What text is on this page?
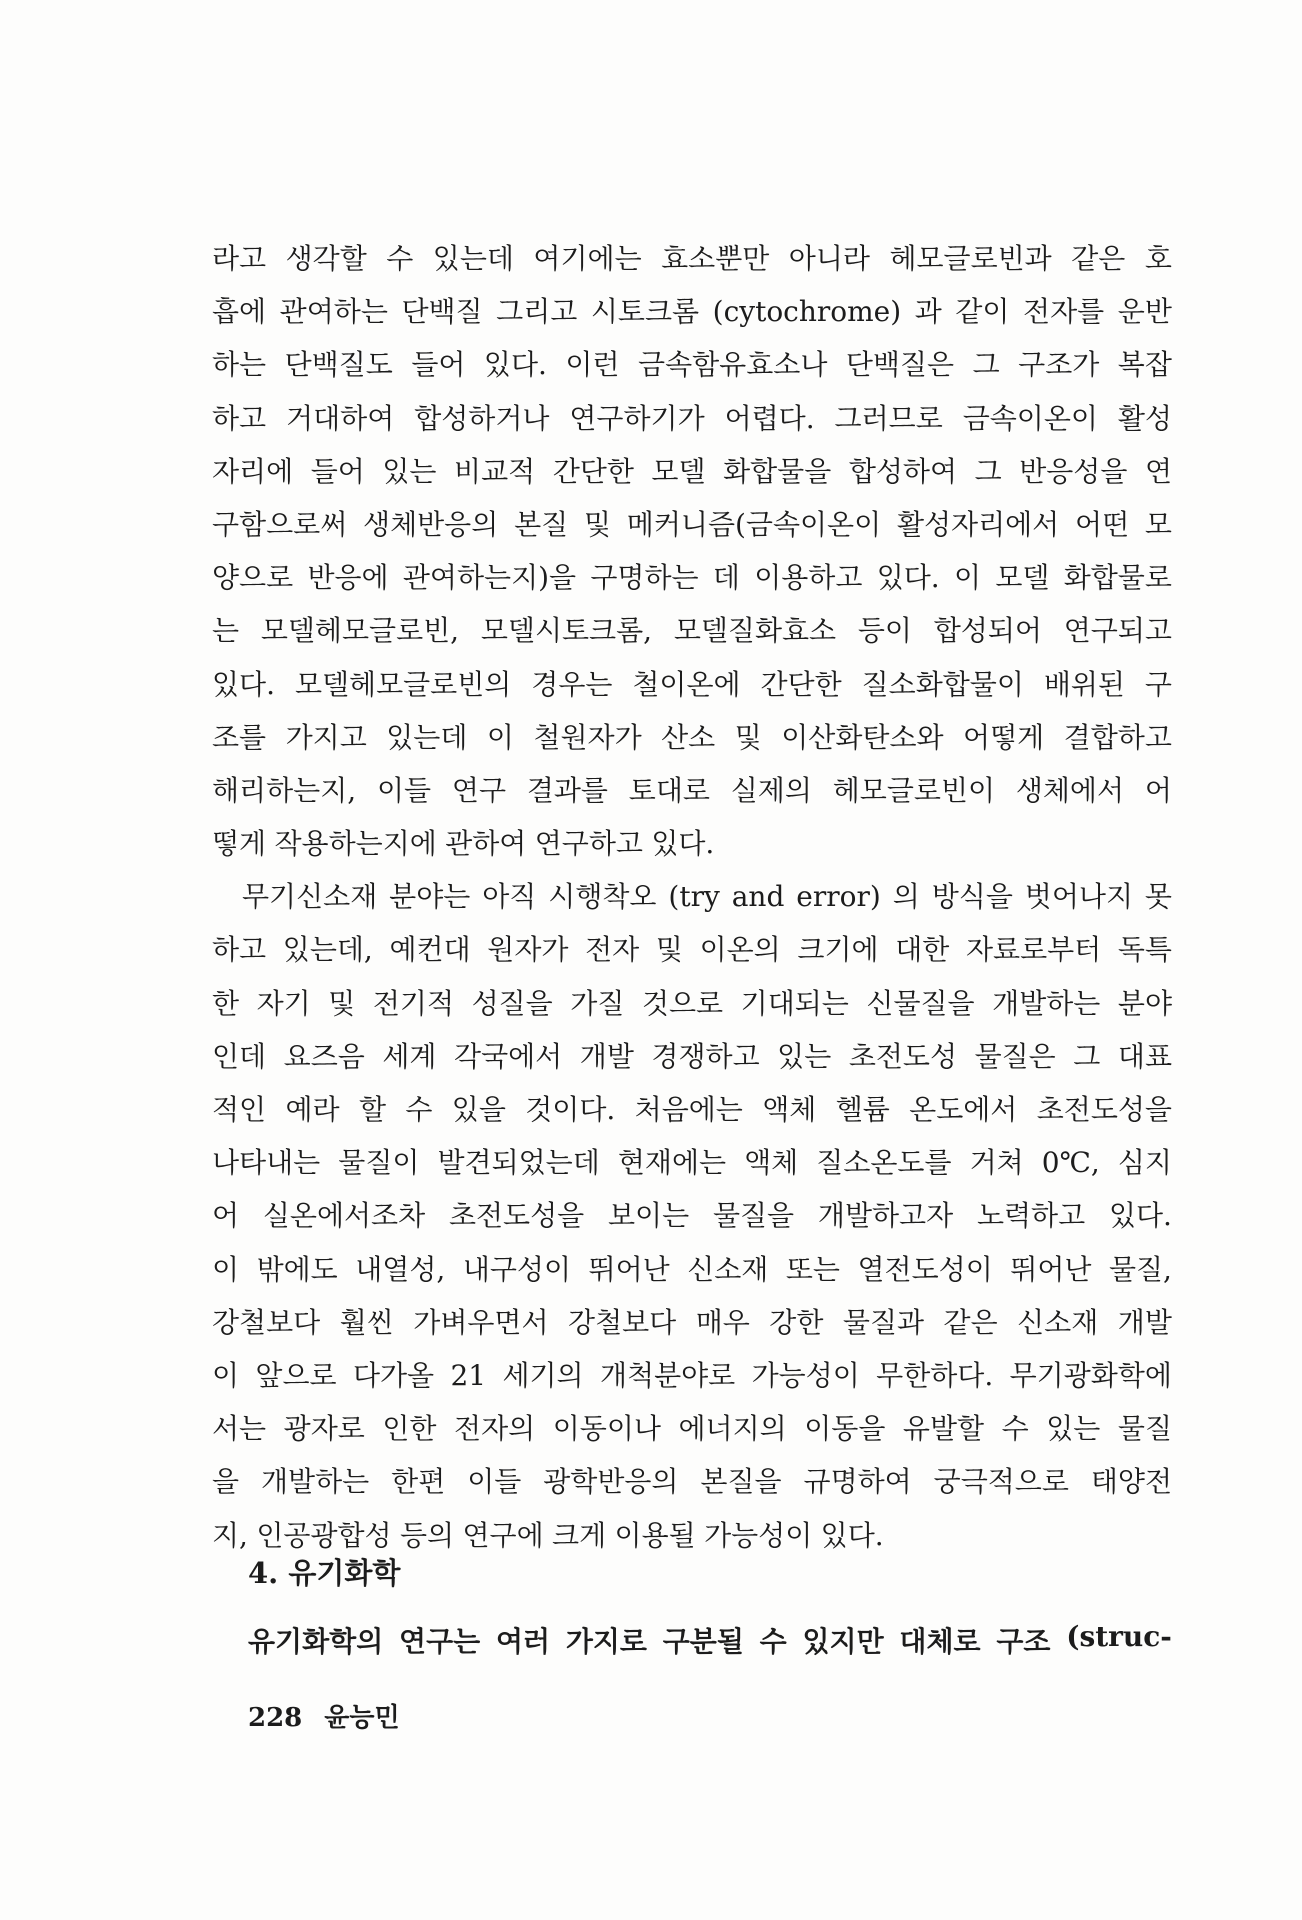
라고 생각할 수 있는데 여기에는 효소뿐만 아니라 헤모글로빈과 같은 호
흡에 관여하는 단백질 그리고 시토크롬 (cytochrome) 과 같이 전자를 운반
하는 단백질도 들어 있다. 이런 금속함유효소나 단백질은 그 구조가 복잡
하고 거대하여 합성하거나 연구하기가 어렵다. 그러므로 금속이온이 활성
자리에 들어 있는 비교적 간단한 모델 화합물을 합성하여 그 반응성을 연
구함으로써 생체반응의 본질 및 메커니즘(금속이온이 활성자리에서 어떤 모
양으로 반응에 관여하는지)을 구명하는 데 이용하고 있다. 이 모델 화합물로
는 모델헤모글로빈, 모델시토크롬, 모델질화효소 등이 합성되어 연구되고
있다. 모델헤모글로빈의 경우는 철이온에 간단한 질소화합물이 배위된 구
조를 가지고 있는데 이 철원자가 산소 및 이산화탄소와 어떻게 결합하고
해리하는지, 이들 연구 결과를 토대로 실제의 헤모글로빈이 생체에서 어
떻게 작용하는지에 관하여 연구하고 있다.
무기신소재 분야는 아직 시행착오 (try and error) 의 방식을 벗어나지 못
하고 있는데, 예컨대 원자가 전자 및 이온의 크기에 대한 자료로부터 독특
한 자기 및 전기적 성질을 가질 것으로 기대되는 신물질을 개발하는 분야
인데 요즈음 세계 각국에서 개발 경쟁하고 있는 초전도성 물질은 그 대표
적인 예라 할 수 있을 것이다. 처음에는 액체 헬륨 온도에서 초전도성을
나타내는 물질이 발견되었는데 현재에는 액체 질소온도를 거쳐 0℃, 심지
어 실온에서조차 초전도성을 보이는 물질을 개발하고자 노력하고 있다.
이 밖에도 내열성, 내구성이 뛰어난 신소재 또는 열전도성이 뛰어난 물질,
강철보다 훨씬 가벼우면서 강철보다 매우 강한 물질과 같은 신소재 개발
이 앞으로 다가올 21 세기의 개척분야로 가능성이 무한하다. 무기광화학에
서는 광자로 인한 전자의 이동이나 에너지의 이동을 유발할 수 있는 물질
을 개발하는 한편 이들 광학반응의 본질을 규명하여 궁극적으로 태양전
지, 인공광합성 등의 연구에 크게 이용될 가능성이 있다.
4. 유기화학
유기화학의 연구는 여러 가지로 구분될 수 있지만 대체로 구조 (struc-
228 윤능민
